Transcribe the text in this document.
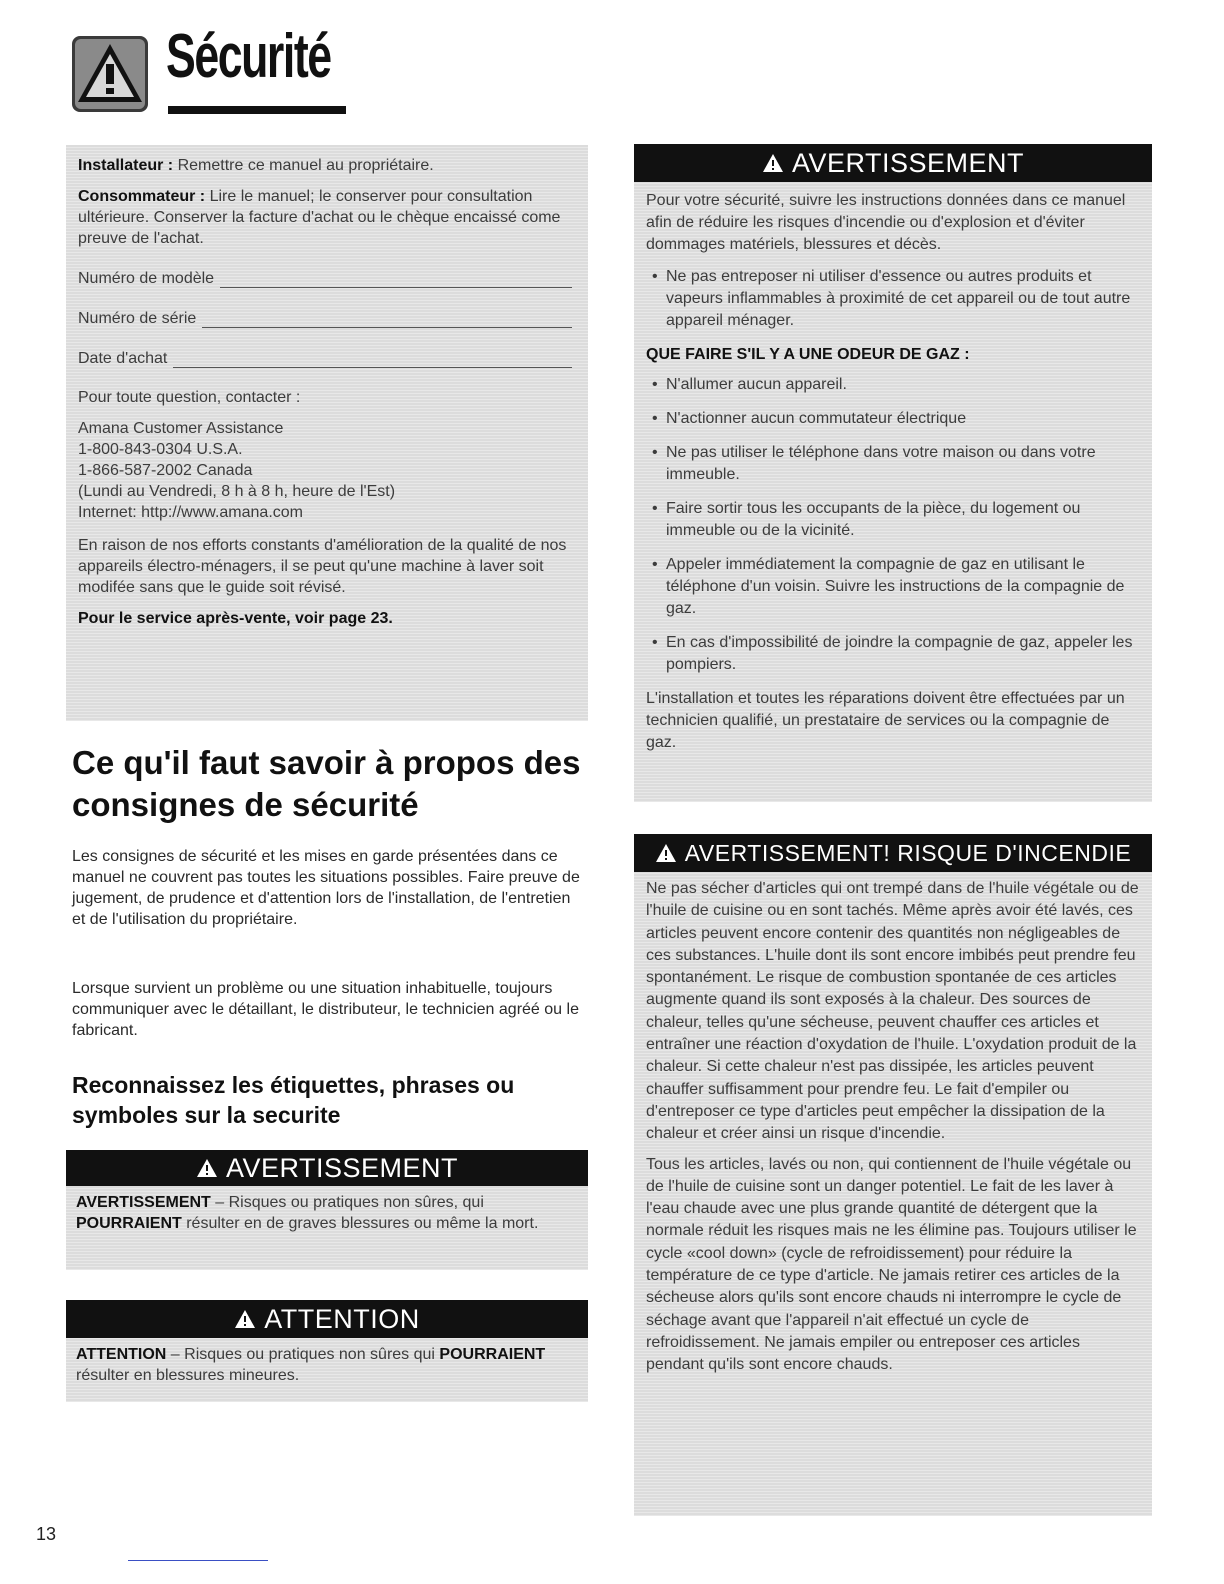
Sécurité

Installateur : Remettre ce manuel au propriétaire.

Consommateur : Lire le manuel; le conserver pour consultation ultérieure. Conserver la facture d'achat ou le chèque encaissé come preuve de l'achat.

Numéro de modèle
Numéro de série
Date d'achat

Pour toute question, contacter :

Amana Customer Assistance
1-800-843-0304 U.S.A.
1-866-587-2002 Canada
(Lundi au Vendredi, 8 h à 8 h, heure de l'Est)
Internet: http://www.amana.com

En raison de nos efforts constants d'amélioration de la qualité de nos appareils électro-ménagers, il se peut qu'une machine à laver soit modifée sans que le guide soit révisé.

Pour le service après-vente, voir page 23.

Ce qu'il faut savoir à propos des consignes de sécurité

Les consignes de sécurité et les mises en garde présentées dans ce manuel ne couvrent pas toutes les situations possibles. Faire preuve de jugement, de prudence et d'attention lors de l'installation, de l'entretien et de l'utilisation du propriétaire.

Lorsque survient un problème ou une situation inhabituelle, toujours communiquer avec le détaillant, le distributeur, le technicien agréé ou le fabricant.

Reconnaissez les étiquettes, phrases ou symboles sur la securite
AVERTISSEMENT
AVERTISSEMENT – Risques ou pratiques non sûres, qui POURRAIENT résulter en de graves blessures ou même la mort.
ATTENTION
ATTENTION – Risques ou pratiques non sûres qui POURRAIENT résulter en blessures mineures.
AVERTISSEMENT

Pour votre sécurité, suivre les instructions données dans ce manuel afin de réduire les risques d'incendie ou d'explosion et d'éviter dommages matériels, blessures et décès.

• Ne pas entreposer ni utiliser d'essence ou autres produits et vapeurs inflammables à proximité de cet appareil ou de tout autre appareil ménager.

QUE FAIRE S'IL Y A UNE ODEUR DE GAZ :

• N'allumer aucun appareil.
• N'actionner aucun commutateur électrique
• Ne pas utiliser le téléphone dans votre maison ou dans votre immeuble.
• Faire sortir tous les occupants de la pièce, du logement ou immeuble ou de la vicinité.
• Appeler immédiatement la compagnie de gaz en utilisant le téléphone d'un voisin. Suivre les instructions de la compagnie de gaz.
• En cas d'impossibilité de joindre la compagnie de gaz, appeler les pompiers.

L'installation et toutes les réparations doivent être effectuées par un technicien qualifié, un prestataire de services ou la compagnie de gaz.

AVERTISSEMENT! RISQUE D'INCENDIE

Ne pas sécher d'articles qui ont trempé dans de l'huile végétale ou de l'huile de cuisine ou en sont tachés. Même après avoir été lavés, ces articles peuvent encore contenir des quantités non négligeables de ces substances. L'huile dont ils sont encore imbibés peut prendre feu spontanément. Le risque de combustion spontanée de ces articles augmente quand ils sont exposés à la chaleur. Des sources de chaleur, telles qu'une sécheuse, peuvent chauffer ces articles et entraîner une réaction d'oxydation de l'huile. L'oxydation produit de la chaleur. Si cette chaleur n'est pas dissipée, les articles peuvent chauffer suffisamment pour prendre feu. Le fait d'empiler ou d'entreposer ce type d'articles peut empêcher la dissipation de la chaleur et créer ainsi un risque d'incendie.

Tous les articles, lavés ou non, qui contiennent de l'huile végétale ou de l'huile de cuisine sont un danger potentiel. Le fait de les laver à l'eau chaude avec une plus grande quantité de détergent que la normale réduit les risques mais ne les élimine pas. Toujours utiliser le cycle «cool down» (cycle de refroidissement) pour réduire la température de ce type d'article. Ne jamais retirer ces articles de la sécheuse alors qu'ils sont encore chauds ni interrompre le cycle de séchage avant que l'appareil n'ait effectué un cycle de refroidissement. Ne jamais empiler ou entreposer ces articles pendant qu'ils sont encore chauds.

13
